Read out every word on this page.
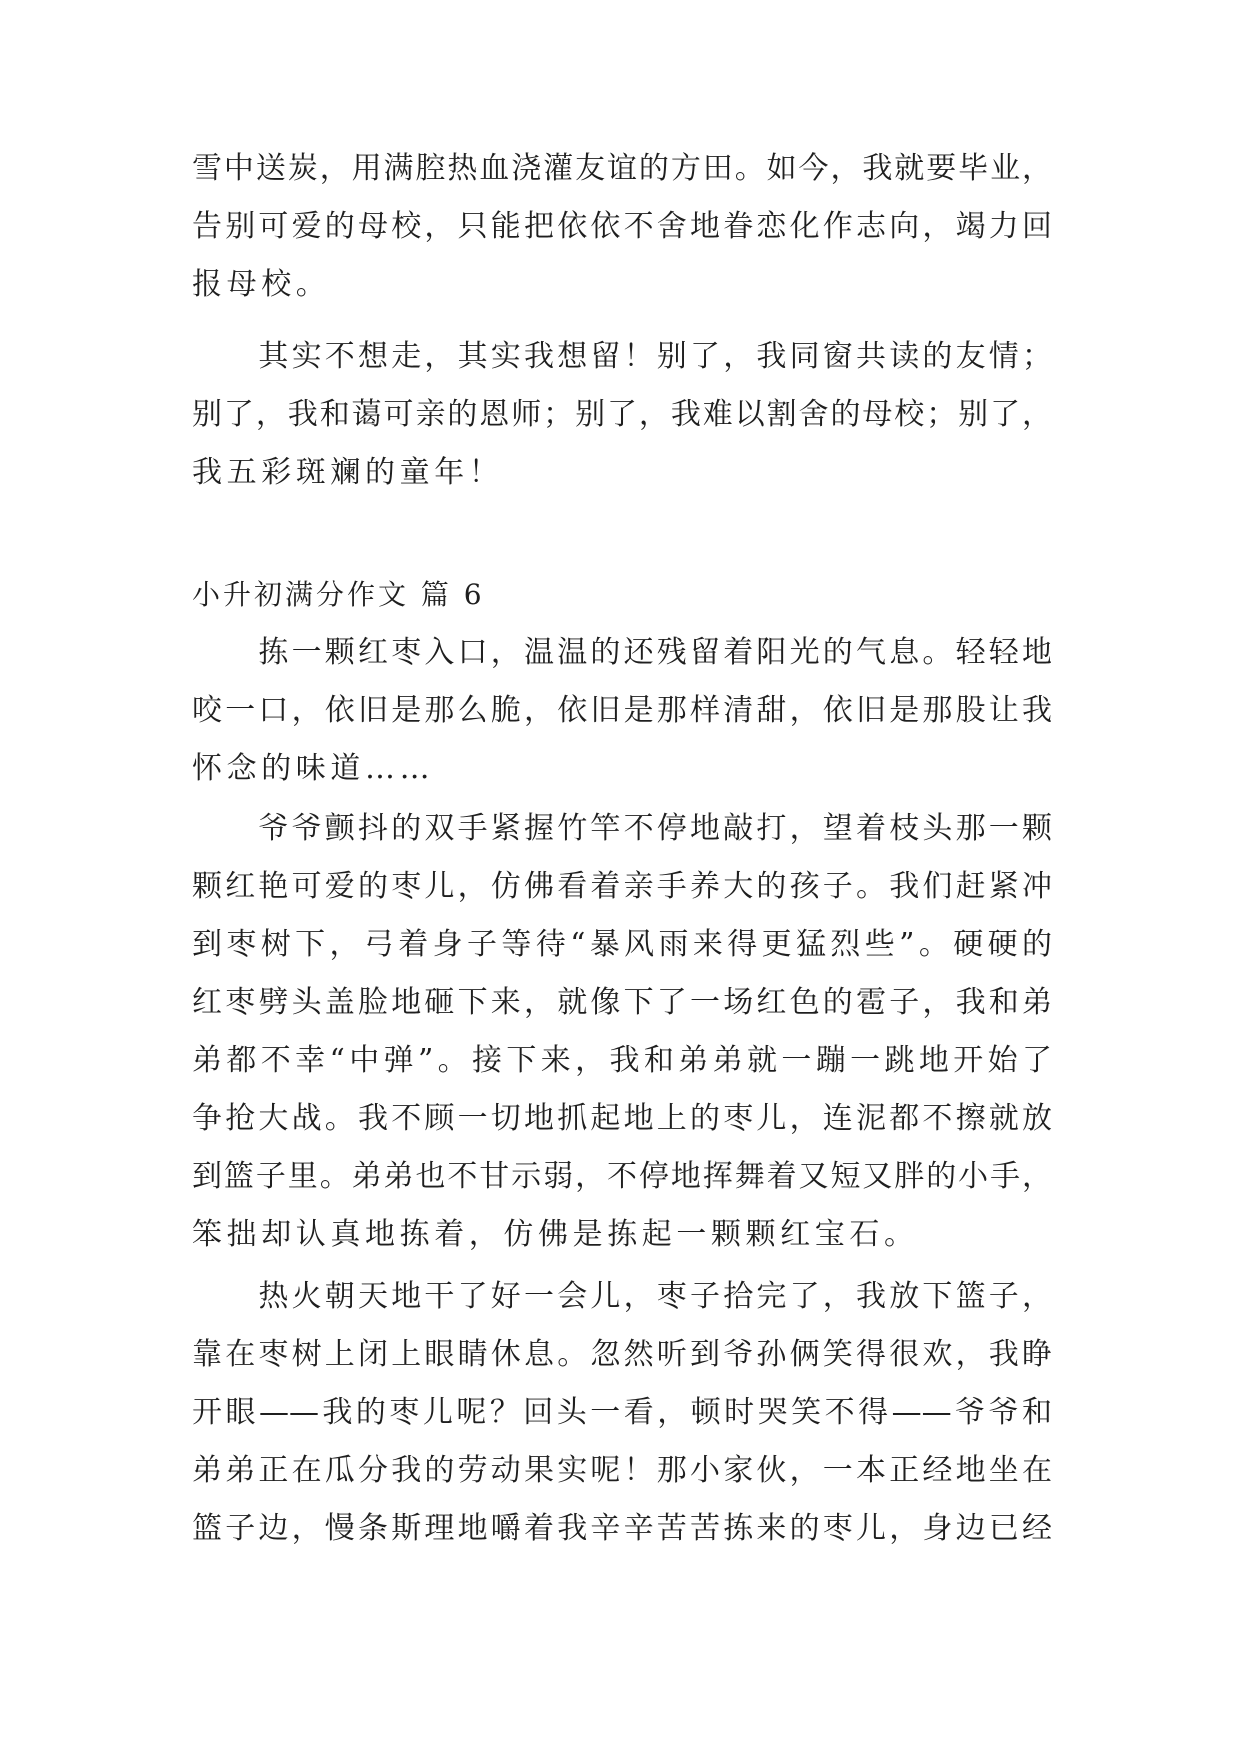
雪中送炭，用满腔热血浇灌友谊的方田。如今，我就要毕业，
告别可爱的母校，只能把依依不舍地眷恋化作志向，竭力回
报母校。
　　其实不想走，其实我想留！别了，我同窗共读的友情；
别了，我和蔼可亲的恩师；别了，我难以割舍的母校；别了，
我五彩斑斓的童年！
小升初满分作文 篇 6
　　拣一颗红枣入口，温温的还残留着阳光的气息。轻轻地
咬一口，依旧是那么脆，依旧是那样清甜，依旧是那股让我
怀念的味道……
　　爷爷颤抖的双手紧握竹竿不停地敲打，望着枝头那一颗
颗红艳可爱的枣儿，仿佛看着亲手养大的孩子。我们赶紧冲
到枣树下，弓着身子等待“暴风雨来得更猛烈些”。硬硬的
红枣劈头盖脸地砸下来，就像下了一场红色的雹子，我和弟
弟都不幸“中弹”。接下来，我和弟弟就一蹦一跳地开始了
争抢大战。我不顾一切地抓起地上的枣儿，连泥都不擦就放
到篮子里。弟弟也不甘示弱，不停地挥舞着又短又胖的小手，
笨拙却认真地拣着，仿佛是拣起一颗颗红宝石。
　　热火朝天地干了好一会儿，枣子拾完了，我放下篮子，
靠在枣树上闭上眼睛休息。忽然听到爷孙俩笑得很欢，我睁
开眼——我的枣儿呢？回头一看，顿时哭笑不得——爷爷和
弟弟正在瓜分我的劳动果实呢！那小家伙，一本正经地坐在
篮子边，慢条斯理地嚼着我辛辛苦苦拣来的枣儿，身边已经
